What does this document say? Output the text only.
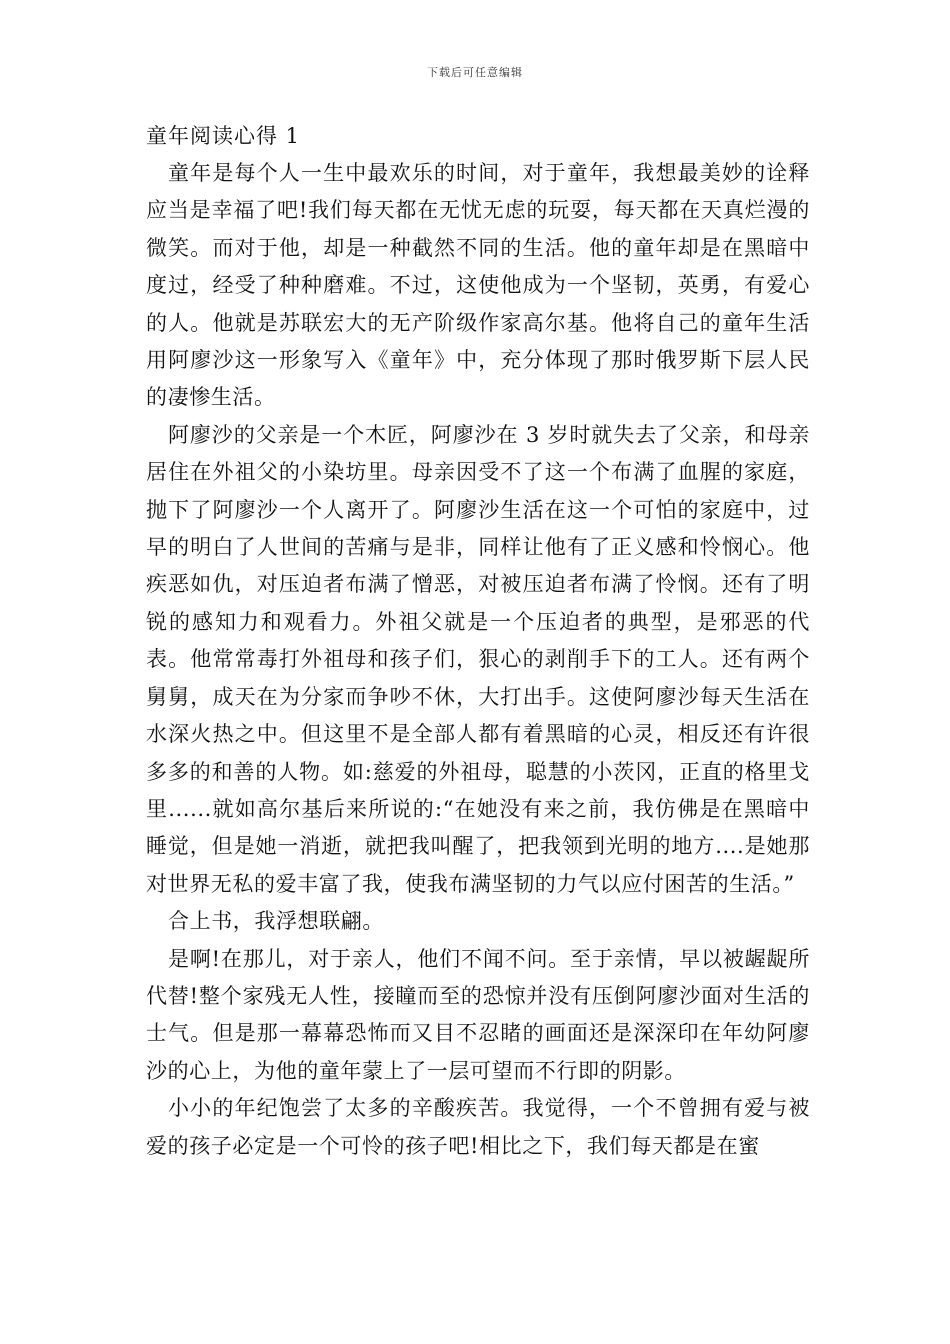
下载后可任意编辑
童年阅读心得 1

童年是每个人一生中最欢乐的时间，对于童年，我想最美妙的诠释应当是幸福了吧!我们每天都在无忧无虑的玩耍，每天都在天真烂漫的微笑。而对于他，却是一种截然不同的生活。他的童年却是在黑暗中度过，经受了种种磨难。不过，这使他成为一个坚韧，英勇，有爱心的人。他就是苏联宏大的无产阶级作家高尔基。他将自己的童年生活用阿廖沙这一形象写入《童年》中，充分体现了那时俄罗斯下层人民的凄惨生活。

阿廖沙的父亲是一个木匠，阿廖沙在 3 岁时就失去了父亲，和母亲居住在外祖父的小染坊里。母亲因受不了这一个布满了血腥的家庭，抛下了阿廖沙一个人离开了。阿廖沙生活在这一个可怕的家庭中，过早的明白了人世间的苦痛与是非，同样让他有了正义感和怜悯心。他疾恶如仇，对压迫者布满了憎恶，对被压迫者布满了怜悯。还有了明锐的感知力和观看力。外祖父就是一个压迫者的典型，是邪恶的代表。他常常毒打外祖母和孩子们，狠心的剥削手下的工人。还有两个舅舅，成天在为分家而争吵不休，大打出手。这使阿廖沙每天生活在水深火热之中。但这里不是全部人都有着黑暗的心灵，相反还有许很多多的和善的人物。如:慈爱的外祖母，聪慧的小茨冈，正直的格里戈里......就如高尔基后来所说的:“在她没有来之前，我仿佛是在黑暗中睡觉，但是她一消逝，就把我叫醒了，把我领到光明的地方....是她那对世界无私的爱丰富了我，使我布满坚韧的力气以应付困苦的生活。”

合上书，我浮想联翩。

是啊!在那儿，对于亲人，他们不闻不问。至于亲情，早以被龌龊所代替!整个家残无人性，接瞳而至的恐惊并没有压倒阿廖沙面对生活的士气。但是那一幕幕恐怖而又目不忍睹的画面还是深深印在年幼阿廖沙的心上，为他的童年蒙上了一层可望而不行即的阴影。

小小的年纪饱尝了太多的辛酸疾苦。我觉得，一个不曾拥有爱与被爱的孩子必定是一个可怜的孩子吧!相比之下，我们每天都是在蜜
